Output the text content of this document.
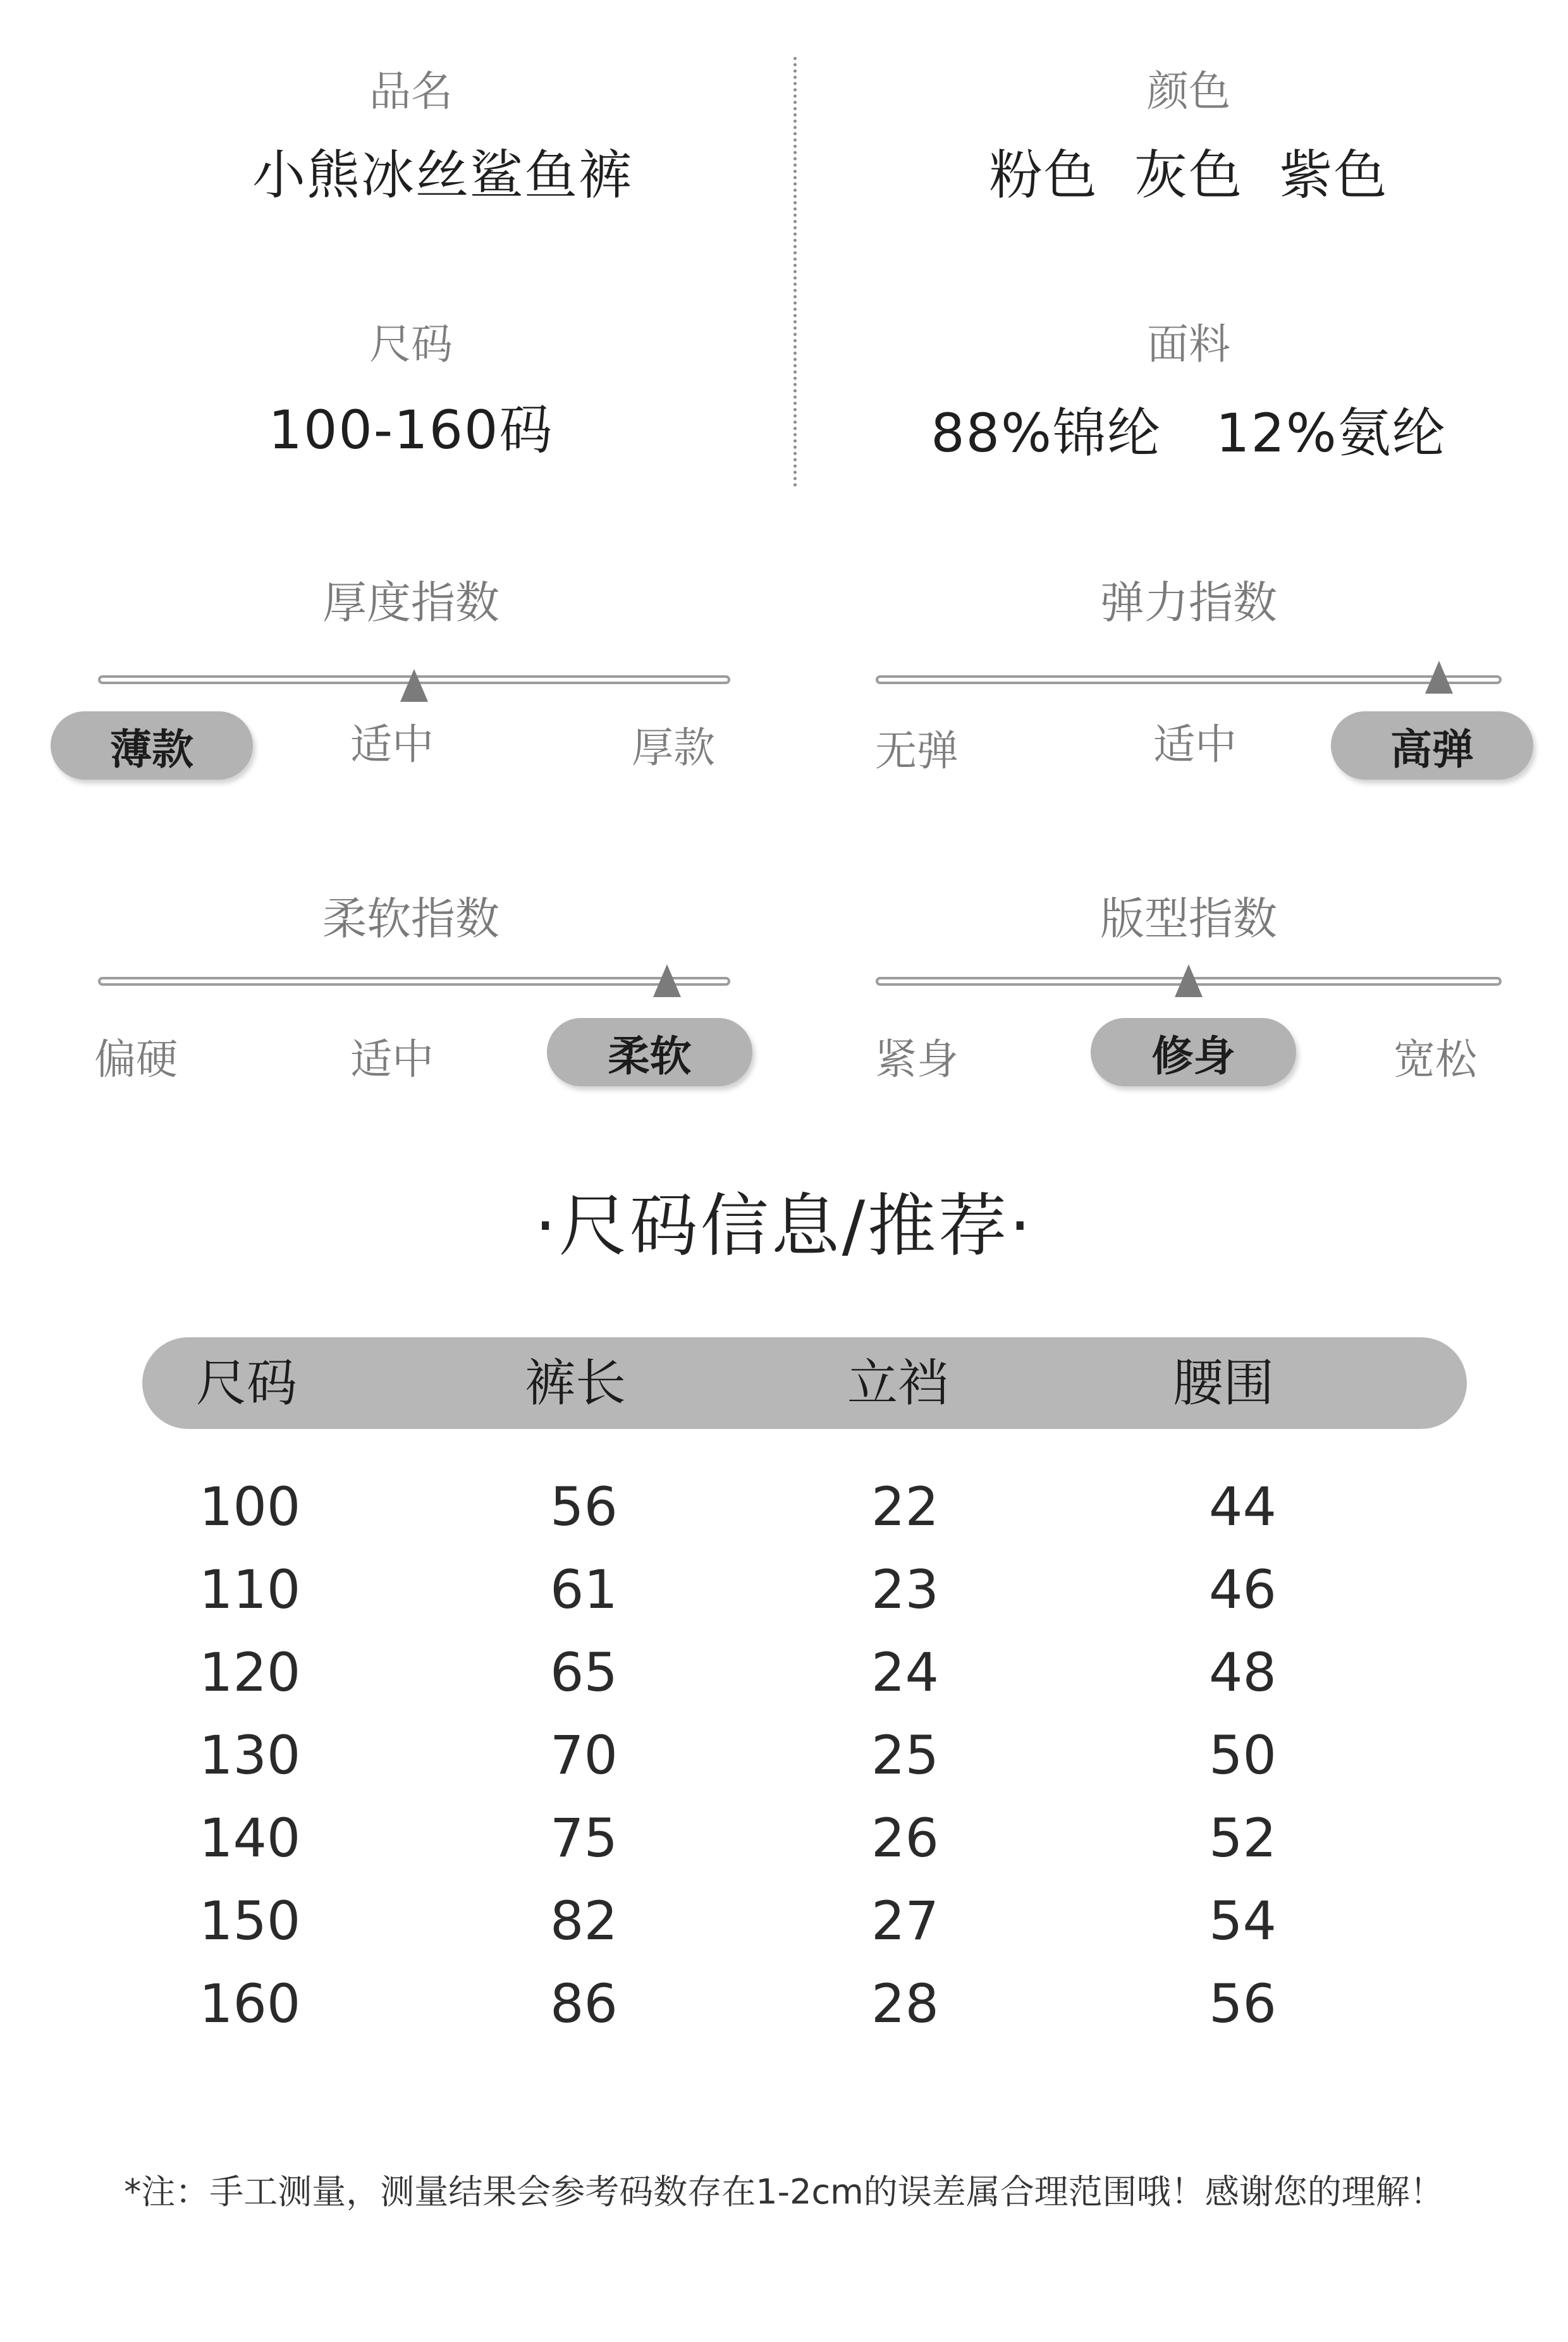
品名
小熊冰丝鲨鱼裤
颜色
粉色  灰色  紫色
尺码
100-160码
面料
88%锦纶   12%氨纶
厚度指数
薄款	适中	厚款
弹力指数
无弹	适中	高弹
柔软指数
偏硬	适中	柔软
版型指数
紧身	修身	宽松
·尺码信息/推荐·
尺码	裤长	立裆	腰围
100	56	22	44
110	61	23	46
120	65	24	48
130	70	25	50
140	75	26	52
150	82	27	54
160	86	28	56
*注：手工测量，测量结果会参考码数存在1-2cm的误差属合理范围哦！感谢您的理解！
